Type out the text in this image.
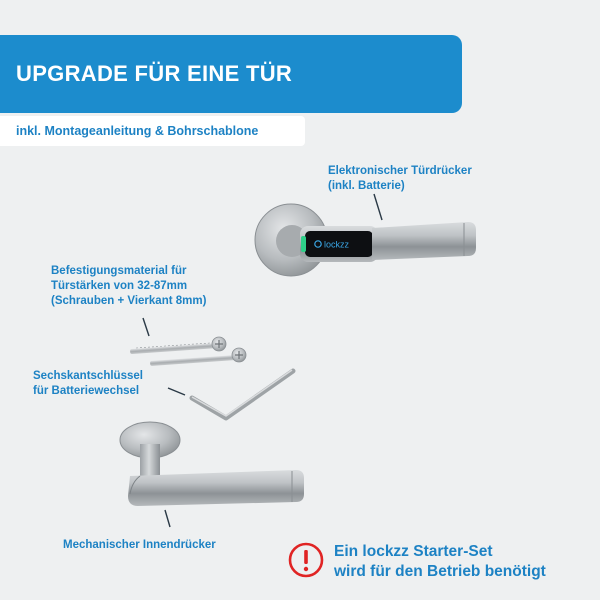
UPGRADE FÜR EINE TÜR
inkl. Montageanleitung & Bohrschablone
lockzz
Elektronischer Türdrücker
(inkl. Batterie)
Befestigungsmaterial für
Türstärken von 32-87mm
(Schrauben + Vierkant 8mm)
Sechskantschlüssel
für Batteriewechsel
Mechanischer Innendrücker	Ein lockzz Starter-Set
wird für den Betrieb benötigt
